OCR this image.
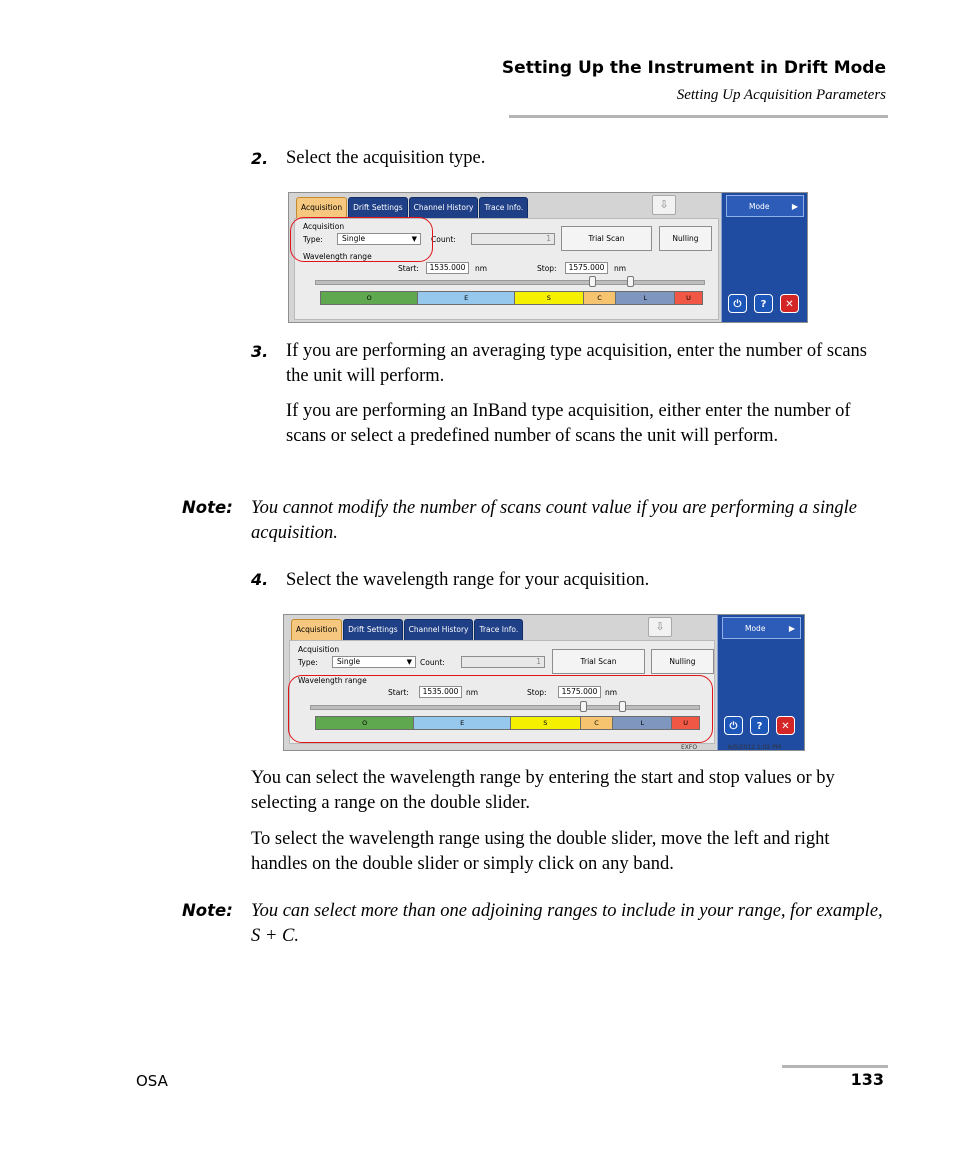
Setting Up the Instrument in Drift Mode
Setting Up Acquisition Parameters
2. Select the acquisition type.
Acquisition	Drift Settings	Channel History	Trace Info.	⇩
Acquisition
Type:	Single	▼ Count:	1	Trial Scan	Nulling
Wavelength range
Start:	1535.000	nm	Stop:	1575.000	nm
O	E	S	C	L	U
Mode	▶
⏻	?	✕
3. If you are performing an averaging type acquisition, enter the number of scans the unit will perform.
If you are performing an InBand type acquisition, either enter the number of scans or select a predefined number of scans the unit will perform.
Note: You cannot modify the number of scans count value if you are performing a single acquisition.
4. Select the wavelength range for your acquisition.
Acquisition	Drift Settings	Channel History	Trace Info.	⇩
Acquisition
Type:	Single	▼ Count:	1	Trial Scan	Nulling
Wavelength range
Start:	1535.000	nm	Stop:	1575.000	nm
O	E	S	C	L	U
Mode	▶
⏻	?	✕
EXFO	6/5/2012 1:02 PM
You can select the wavelength range by entering the start and stop values or by selecting a range on the double slider.
To select the wavelength range using the double slider, move the left and right handles on the double slider or simply click on any band.
Note: You can select more than one adjoining ranges to include in your range, for example, S + C.
OSA	133
